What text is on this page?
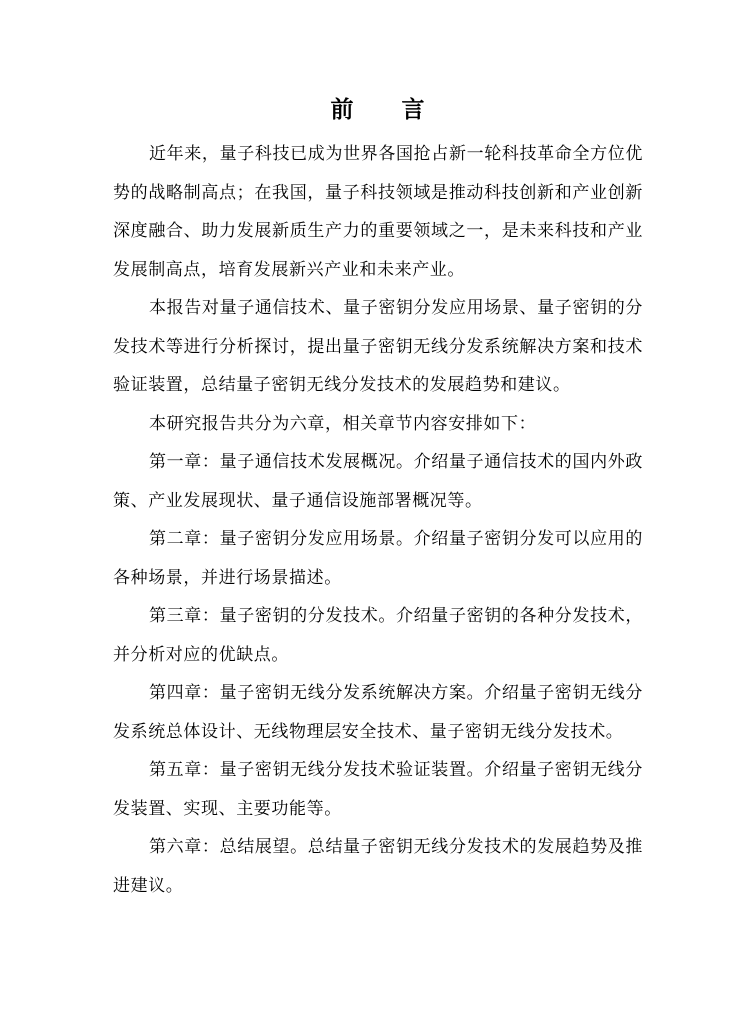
前 言

近年来，量子科技已成为世界各国抢占新一轮科技革命全方位优势的战略制高点；在我国，量子科技领域是推动科技创新和产业创新深度融合、助力发展新质生产力的重要领域之一，是未来科技和产业发展制高点，培育发展新兴产业和未来产业。

本报告对量子通信技术、量子密钥分发应用场景、量子密钥的分发技术等进行分析探讨，提出量子密钥无线分发系统解决方案和技术验证装置，总结量子密钥无线分发技术的发展趋势和建议。

本研究报告共分为六章，相关章节内容安排如下：

第一章：量子通信技术发展概况。介绍量子通信技术的国内外政策、产业发展现状、量子通信设施部署概况等。

第二章：量子密钥分发应用场景。介绍量子密钥分发可以应用的各种场景，并进行场景描述。

第三章：量子密钥的分发技术。介绍量子密钥的各种分发技术，并分析对应的优缺点。

第四章：量子密钥无线分发系统解决方案。介绍量子密钥无线分发系统总体设计、无线物理层安全技术、量子密钥无线分发技术。

第五章：量子密钥无线分发技术验证装置。介绍量子密钥无线分发装置、实现、主要功能等。

第六章：总结展望。总结量子密钥无线分发技术的发展趋势及推进建议。
